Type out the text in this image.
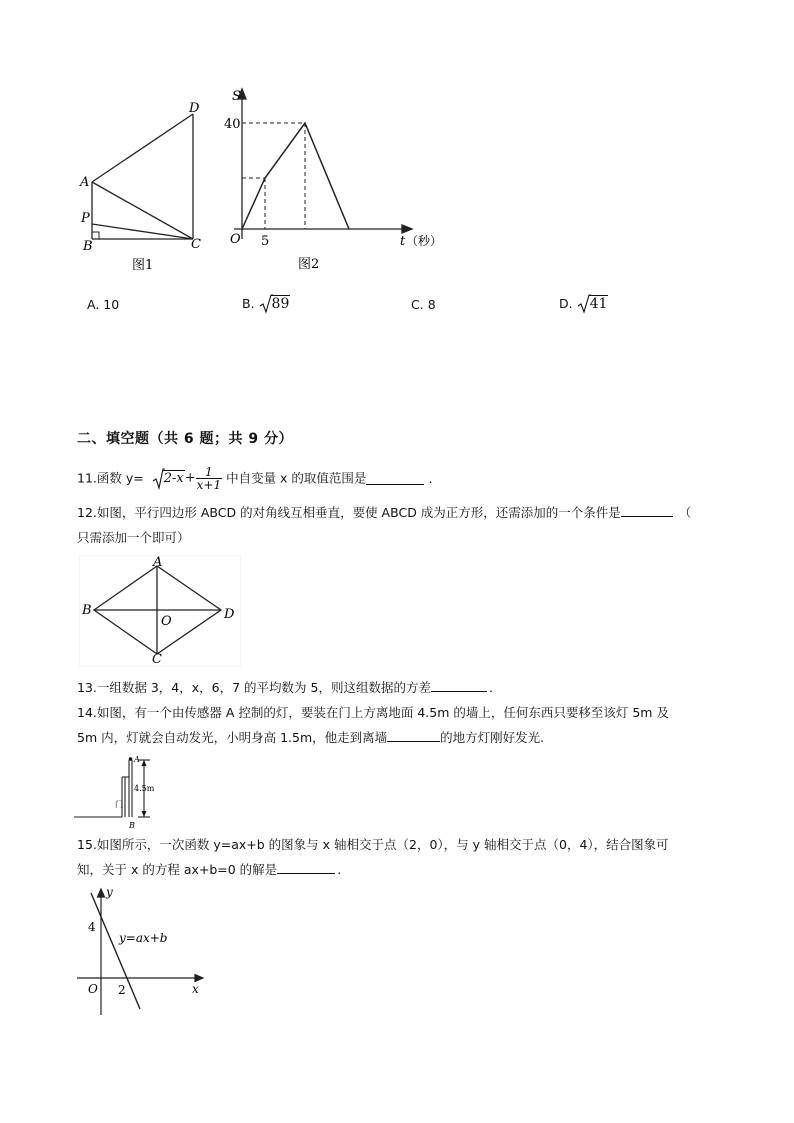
D
A
P
B	C
图1
S
40
O 5	t （秒）
图2
A. 10	B. 89	C. 8	D. 41
二、填空题（共 6 题；共 9 分）
11.函数 $y= 2-x+ \frac{1}{x+1}$ 中自变量 x 的取值范围是	.
12.如图，平行四边形 ABCD 的对角线互相垂直，要使 ABCD 成为正方形，还需添加的一个条件是	（
只需添加一个即可）
A
B	D
O
C
13.一组数据 3，4，x，6，7 的平均数为 5，则这组数据的方差	.
14.如图，有一个由传感器 A 控制的灯，要装在门上方离地面 4.5m 的墙上，任何东西只要移至该灯 5m 及
5m 内，灯就会自动发光，小明身高 1.5m，他走到离墙	的地方灯刚好发光.
A
B
门
4.5m
15.如图所示，一次函数 y=ax+b 的图象与 x 轴相交于点（2，0），与 y 轴相交于点（0，4），结合图象可
知，关于 x 的方程 ax+b=0 的解是	.
y
4
y=ax+b
O 2	x
